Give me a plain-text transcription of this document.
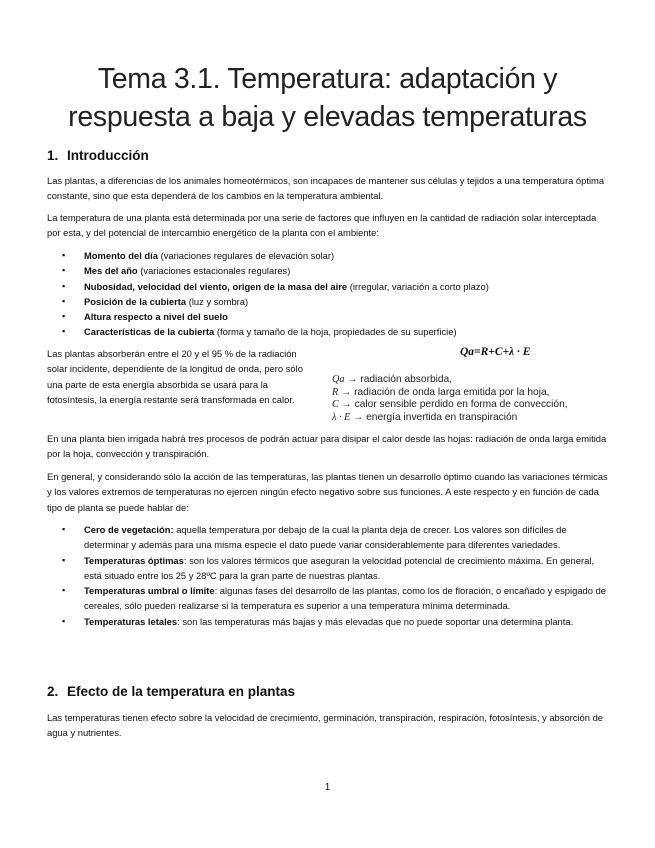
Tema 3.1. Temperatura: adaptación y
respuesta a baja y elevadas temperaturas
1. Introducción

Las plantas, a diferencias de los animales homeotérmicos, son incapaces de mantener sus células y tejidos a una temperatura óptima constante, sino que esta dependerá de los cambios en la temperatura ambiental.

La temperatura de una planta está determinada por una serie de factores que influyen en la cantidad de radiación solar interceptada por esta, y del potencial de intercambio energético de la planta con el ambiente:

▪ Momento del día (variaciones regulares de elevación solar)
▪ Mes del año (variaciones estacionales regulares)
▪ Nubosidad, velocidad del viento, origen de la masa del aire (irregular, variación a corto plazo)
▪ Posición de la cubierta (luz y sombra)
▪ Altura respecto a nivel del suelo
▪ Características de la cubierta (forma y tamaño de la hoja, propiedades de su superficie)

Las plantas absorberán entre el 20 y el 95 % de la radiación solar incidente, dependiente de la longitud de onda, pero sólo una parte de esta energía absorbida se usará para la fotosíntesis, la energía restante será transformada en calor.

Qa=R+C+λ · E
Qa → radiación absorbida,
R → radiación de onda larga emitida por la hoja,
C → calor sensible perdido en forma de convección,
λ · E → energía invertida en transpiración

En una planta bien irrigada habrá tres procesos de podrán actuar para disipar el calor desde las hojas: radiación de onda larga emitida por la hoja, convección y transpiración.

En general, y considerando sólo la acción de las temperaturas, las plantas tienen un desarrollo óptimo cuando las variaciones térmicas y los valores extremos de temperaturas no ejercen ningún efecto negativo sobre sus funciones. A este respecto y en función de cada tipo de planta se puede hablar de:

▪ Cero de vegetación: aquella temperatura por debajo de la cual la planta deja de crecer. Los valores son difíciles de determinar y además para una misma especie el dato puede variar considerablemente para diferentes variedades.
▪ Temperaturas óptimas: son los valores térmicos que aseguran la velocidad potencial de crecimiento máxima. En general, está situado entre los 25 y 28ºC para la gran parte de nuestras plantas.
▪ Temperaturas umbral o límite: algunas fases del desarrollo de las plantas, como los de floración, o encañado y espigado de cereales, sólo pueden realizarse si la temperatura es superior a una temperatura mínima determinada.
▪ Temperaturas letales: son las temperaturas más bajas y más elevadas que no puede soportar una determina planta.
2. Efecto de la temperatura en plantas

Las temperaturas tienen efecto sobre la velocidad de crecimiento, germinación, transpiración, respiración, fotosíntesis, y absorción de agua y nutrientes.

1
